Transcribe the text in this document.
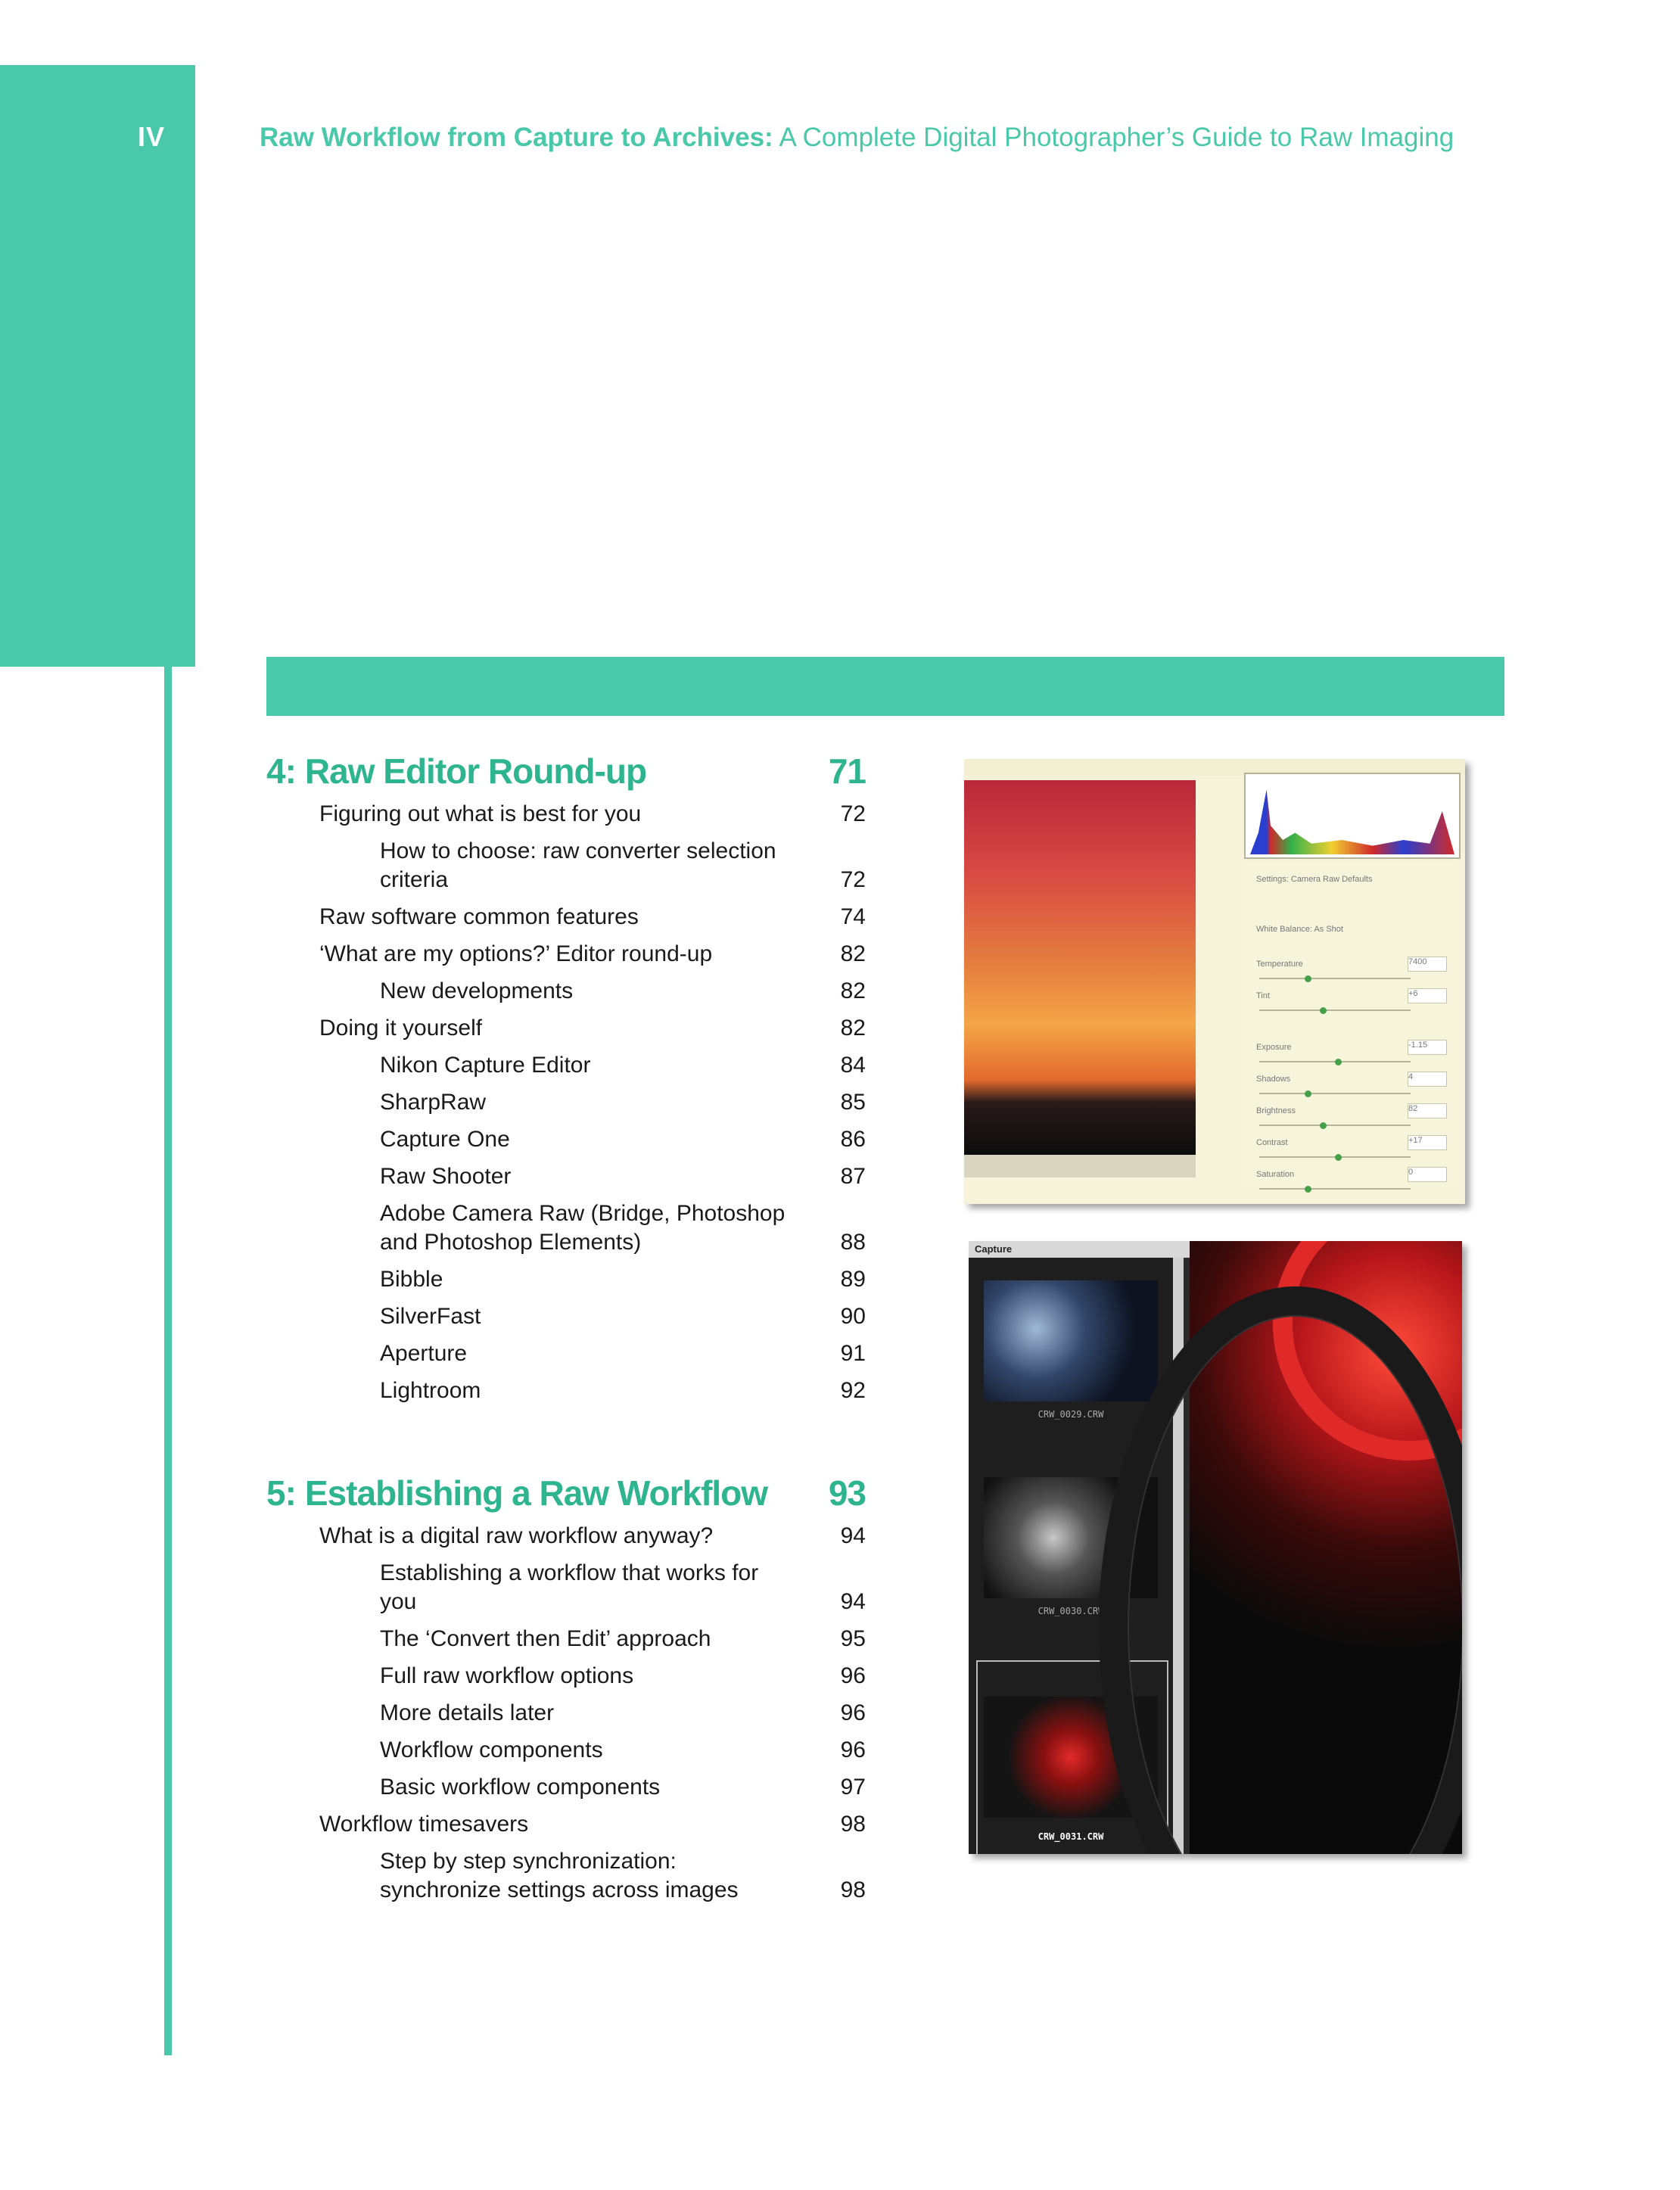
IV	Raw Workflow from Capture to Archives: A Complete Digital Photographer’s Guide to Raw Imaging
4: Raw Editor Round-up	71
Figuring out what is best for you	72
How to choose: raw converter selection criteria	72
Raw software common features	74
‘What are my options?’ Editor round-up	82
New developments	82
Doing it yourself	82
Nikon Capture Editor	84
SharpRaw	85
Capture One	86
Raw Shooter	87
Adobe Camera Raw (Bridge, Photoshop and Photoshop Elements)	88
Bibble	89
SilverFast	90
Aperture	91
Lightroom	92
5: Establishing a Raw Workflow 93
What is a digital raw workflow anyway?	94
Establishing a workflow that works for you	94
The ‘Convert then Edit’ approach	95
Full raw workflow options	96
More details later	96
Workflow components	96
Basic workflow components	97
Workflow timesavers	98
Step by step synchronization: synchronize settings across images	98
Settings: Camera Raw Defaults
White Balance: As Shot
Temperature	7400
Tint	+6
Exposure	-1.15
Shadows	4
Brightness	82
Contrast	+17
Saturation	0
Capture
CRW_0029.CRW
CRW_0030.CRW
CRW_0031.CRW
